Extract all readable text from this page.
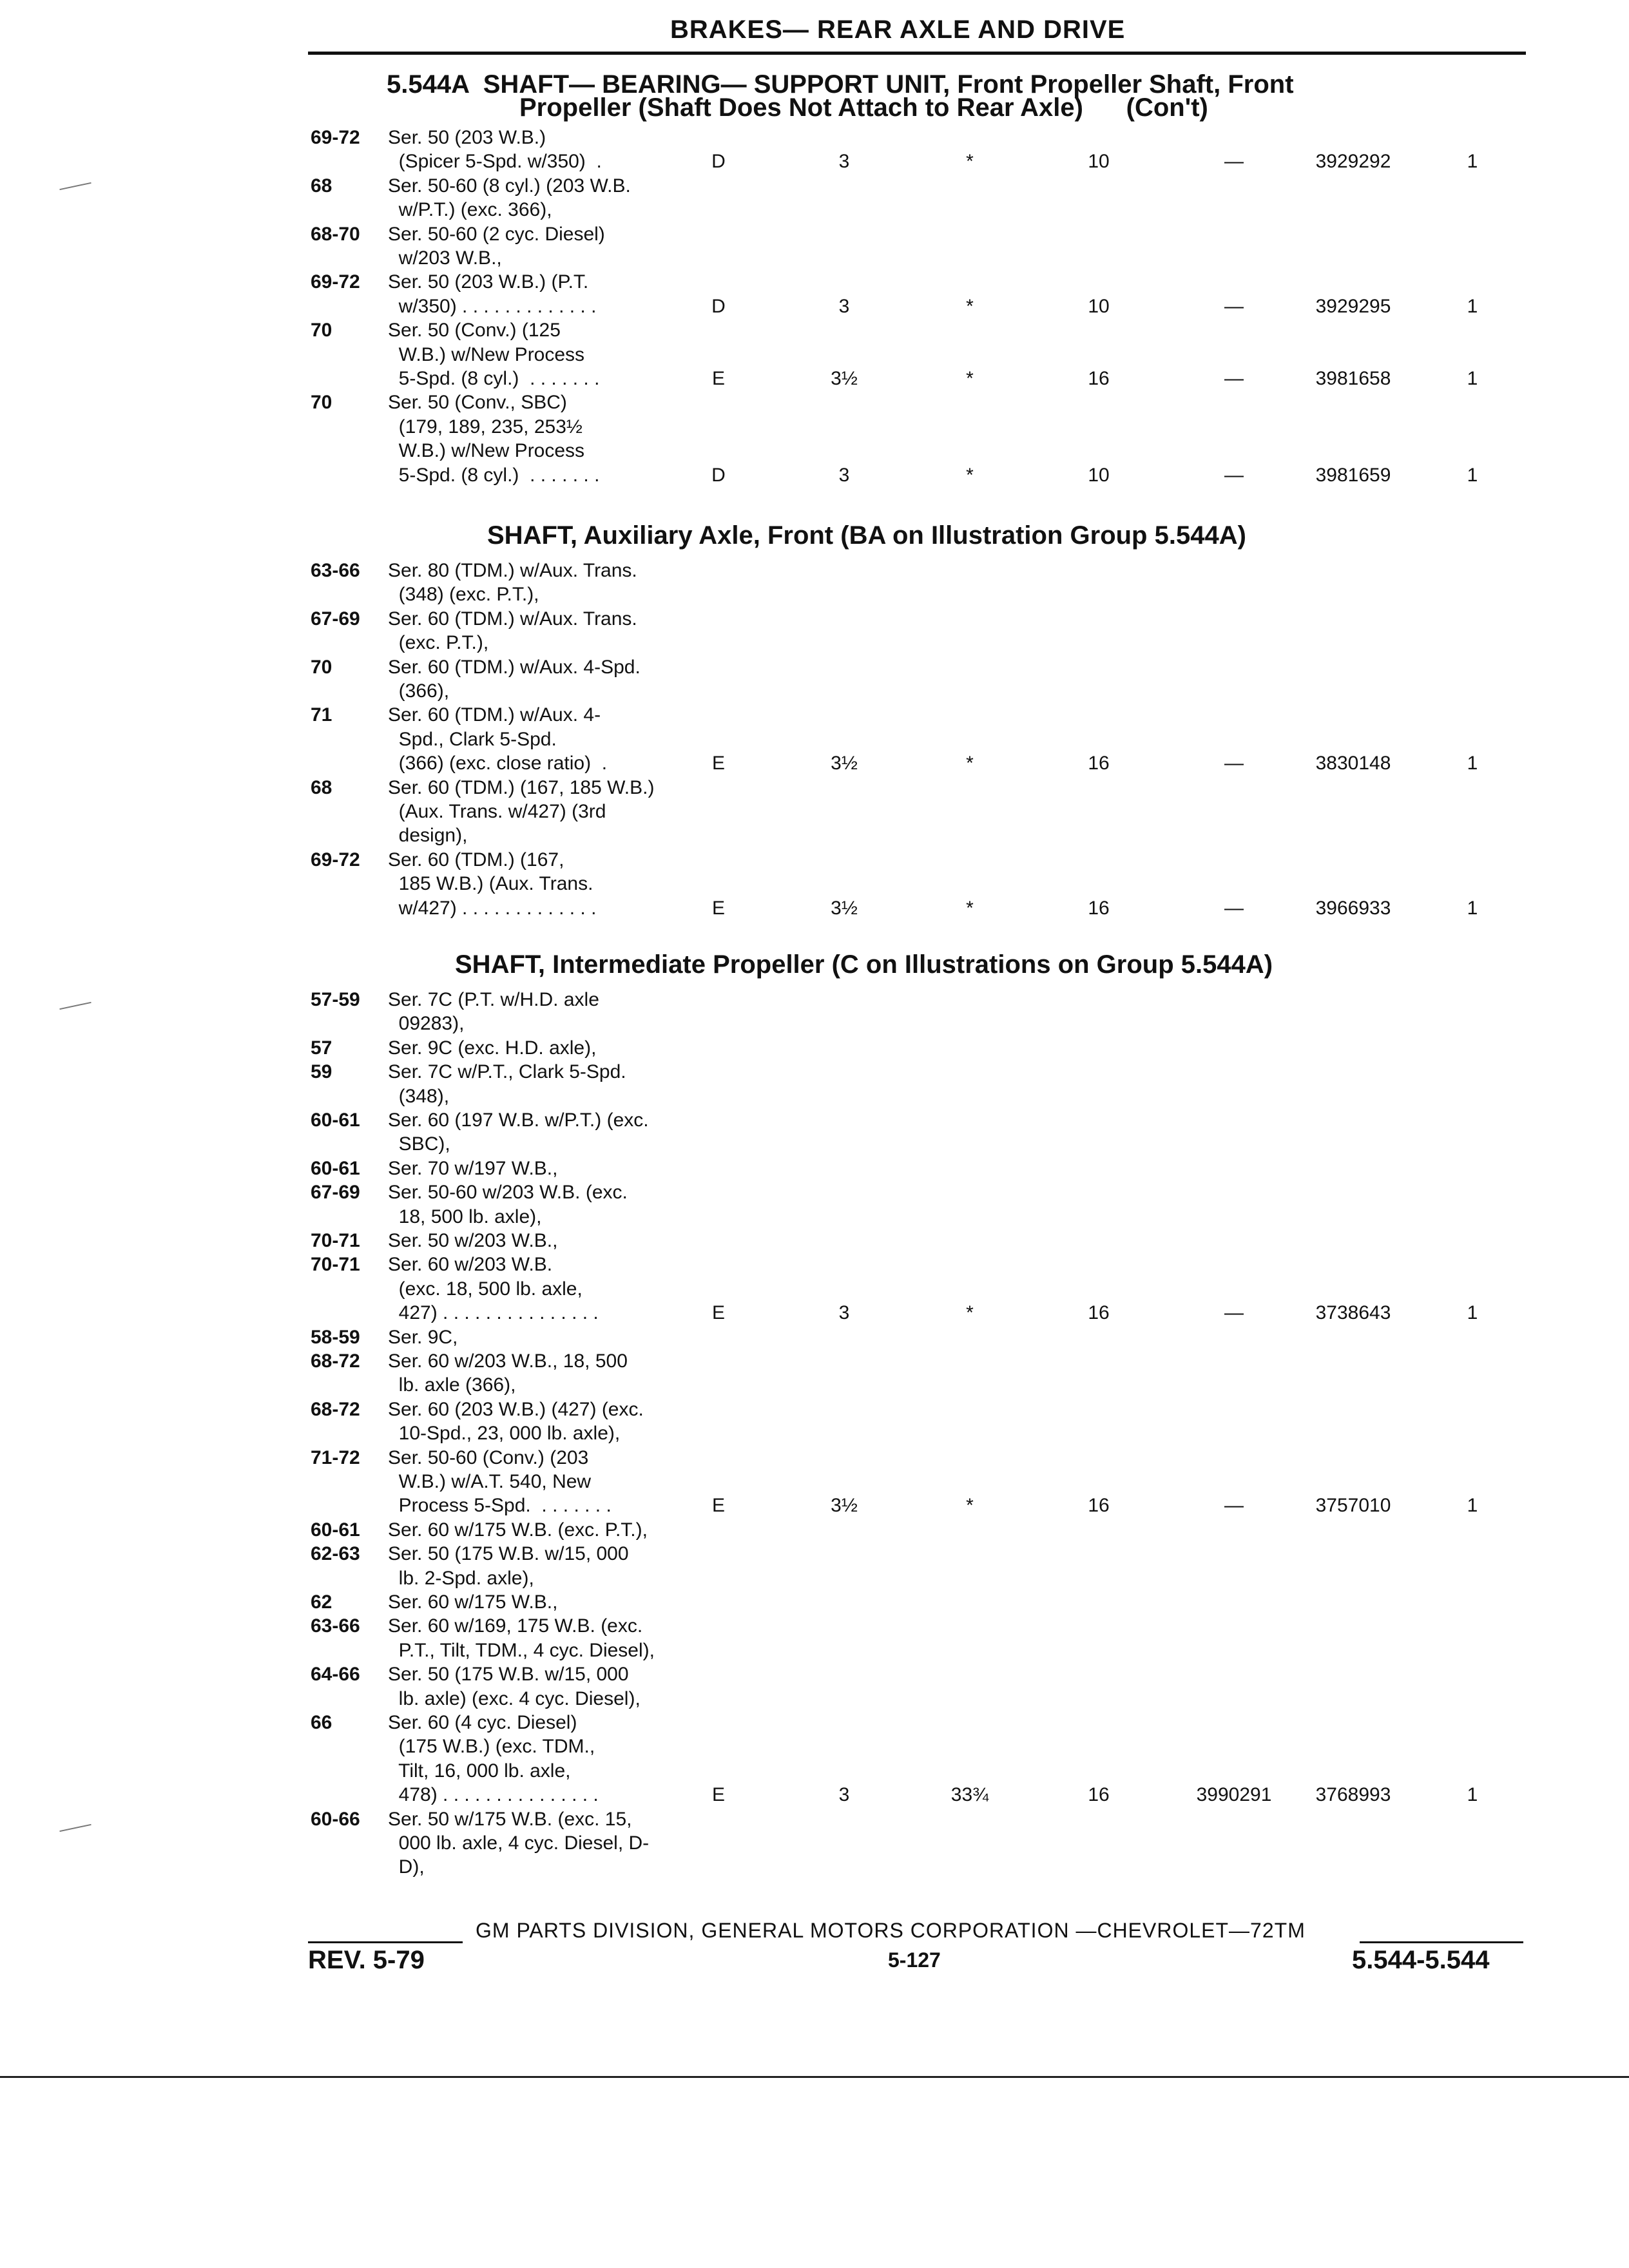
BRAKES— REAR AXLE AND DRIVE
5.544A  SHAFT— BEARING— SUPPORT UNIT, Front Propeller Shaft, Front
Propeller (Shaft Does Not Attach to Rear Axle)      (Con't)
69-72 Ser. 50 (203 W.B.)
(Spicer 5-Spd. w/350)  .	D	3	*	10	—	3929292	1
68	Ser. 50-60 (8 cyl.) (203 W.B.
w/P.T.) (exc. 366),
68-70 Ser. 50-60 (2 cyc. Diesel)
w/203 W.B.,
69-72 Ser. 50 (203 W.B.) (P.T.
w/350) . . . . . . . . . . . . .	D	3	*	10	—	3929295	1
70	Ser. 50 (Conv.) (125
W.B.) w/New Process
5-Spd. (8 cyl.)  . . . . . . .	E	3½	*	16	—	3981658	1
70	Ser. 50 (Conv., SBC)
(179, 189, 235, 253½
W.B.) w/New Process
5-Spd. (8 cyl.)  . . . . . . .	D	3	*	10	—	3981659	1
SHAFT, Auxiliary Axle, Front (BA on Illustration Group 5.544A)
63-66 Ser. 80 (TDM.) w/Aux. Trans.
(348) (exc. P.T.),
67-69 Ser. 60 (TDM.) w/Aux. Trans.
(exc. P.T.),
70	Ser. 60 (TDM.) w/Aux. 4-Spd.
(366),
71	Ser. 60 (TDM.) w/Aux. 4-
Spd., Clark 5-Spd.
(366) (exc. close ratio)  .	E	3½	*	16	—	3830148	1
68	Ser. 60 (TDM.) (167, 185 W.B.)
(Aux. Trans. w/427) (3rd
design),
69-72 Ser. 60 (TDM.) (167,
185 W.B.) (Aux. Trans.
w/427) . . . . . . . . . . . . .	E	3½	*	16	—	3966933	1
SHAFT, Intermediate Propeller (C on Illustrations on Group 5.544A)
57-59 Ser. 7C (P.T. w/H.D. axle
09283),
57	Ser. 9C (exc. H.D. axle),
59	Ser. 7C w/P.T., Clark 5-Spd.
(348),
60-61 Ser. 60 (197 W.B. w/P.T.) (exc.
SBC),
60-61 Ser. 70 w/197 W.B.,
67-69 Ser. 50-60 w/203 W.B. (exc.
18, 500 lb. axle),
70-71 Ser. 50 w/203 W.B.,
70-71 Ser. 60 w/203 W.B.
(exc. 18, 500 lb. axle,
427) . . . . . . . . . . . . . . .	E	3	*	16	—	3738643	1
58-59 Ser. 9C,
68-72 Ser. 60 w/203 W.B., 18, 500
lb. axle (366),
68-72 Ser. 60 (203 W.B.) (427) (exc.
10-Spd., 23, 000 lb. axle),
71-72 Ser. 50-60 (Conv.) (203
W.B.) w/A.T. 540, New
Process 5-Spd.  . . . . . . .	E	3½	*	16	—	3757010	1
60-61 Ser. 60 w/175 W.B. (exc. P.T.),
62-63 Ser. 50 (175 W.B. w/15, 000
lb. 2-Spd. axle),
62	Ser. 60 w/175 W.B.,
63-66 Ser. 60 w/169, 175 W.B. (exc.
P.T., Tilt, TDM., 4 cyc. Diesel),
64-66 Ser. 50 (175 W.B. w/15, 000
lb. axle) (exc. 4 cyc. Diesel),
66	Ser. 60 (4 cyc. Diesel)
(175 W.B.) (exc. TDM.,
Tilt, 16, 000 lb. axle,
478) . . . . . . . . . . . . . . .	E	3	33¾	16	3990291	3768993	1
60-66 Ser. 50 w/175 W.B. (exc. 15,
000 lb. axle, 4 cyc. Diesel, D-
D),
GM PARTS DIVISION, GENERAL MOTORS CORPORATION —CHEVROLET—72TM
REV. 5-79	5-127	5.544-5.544
